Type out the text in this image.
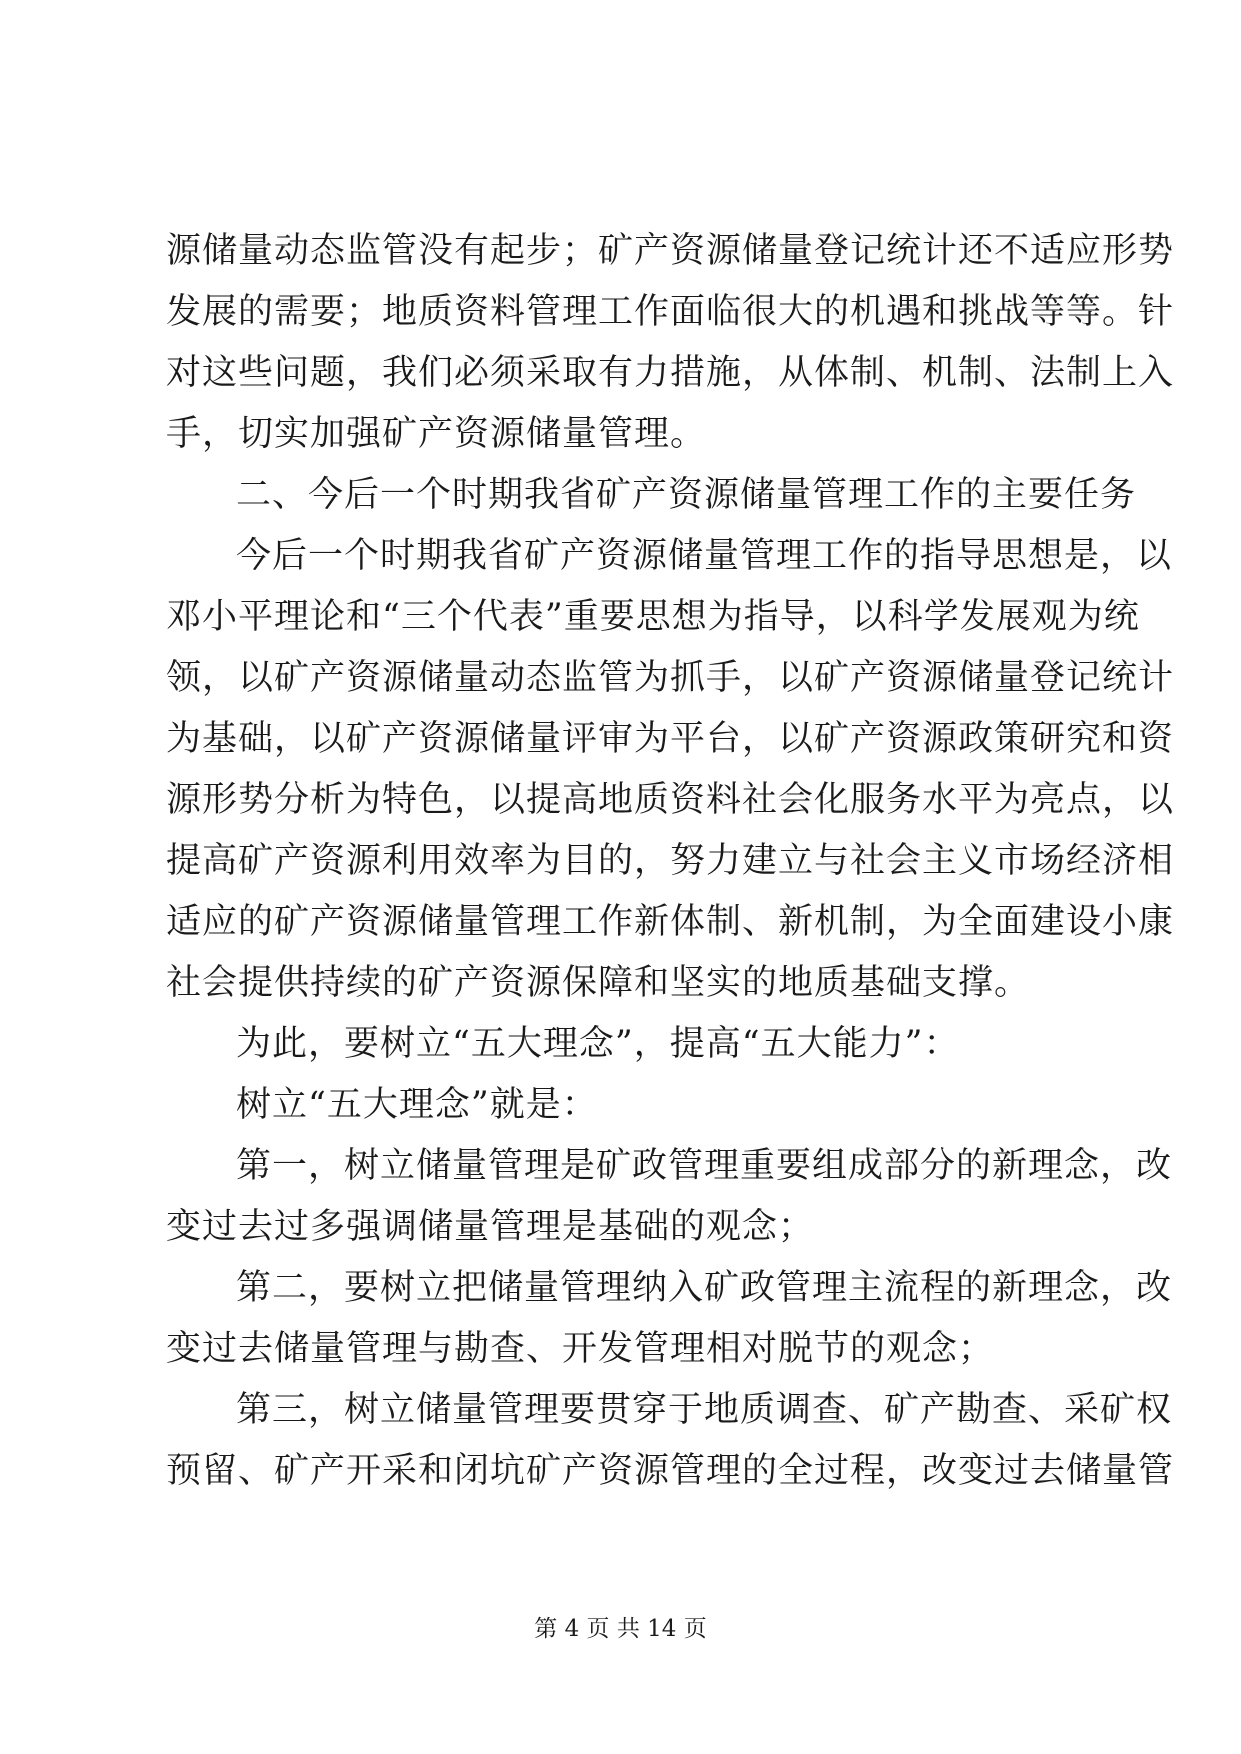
源储量动态监管没有起步；矿产资源储量登记统计还不适应形势
发展的需要；地质资料管理工作面临很大的机遇和挑战等等。针
对这些问题，我们必须采取有力措施，从体制、机制、法制上入
手，切实加强矿产资源储量管理。
二、今后一个时期我省矿产资源储量管理工作的主要任务
今后一个时期我省矿产资源储量管理工作的指导思想是，以
邓小平理论和“三个代表”重要思想为指导，以科学发展观为统
领，以矿产资源储量动态监管为抓手，以矿产资源储量登记统计
为基础，以矿产资源储量评审为平台，以矿产资源政策研究和资
源形势分析为特色，以提高地质资料社会化服务水平为亮点，以
提高矿产资源利用效率为目的，努力建立与社会主义市场经济相
适应的矿产资源储量管理工作新体制、新机制，为全面建设小康
社会提供持续的矿产资源保障和坚实的地质基础支撑。
为此，要树立“五大理念”，提高“五大能力”：
树立“五大理念”就是：
第一，树立储量管理是矿政管理重要组成部分的新理念，改
变过去过多强调储量管理是基础的观念；
第二，要树立把储量管理纳入矿政管理主流程的新理念，改
变过去储量管理与勘查、开发管理相对脱节的观念；
第三，树立储量管理要贯穿于地质调查、矿产勘查、采矿权
预留、矿产开采和闭坑矿产资源管理的全过程，改变过去储量管
第 4 页 共 14 页
